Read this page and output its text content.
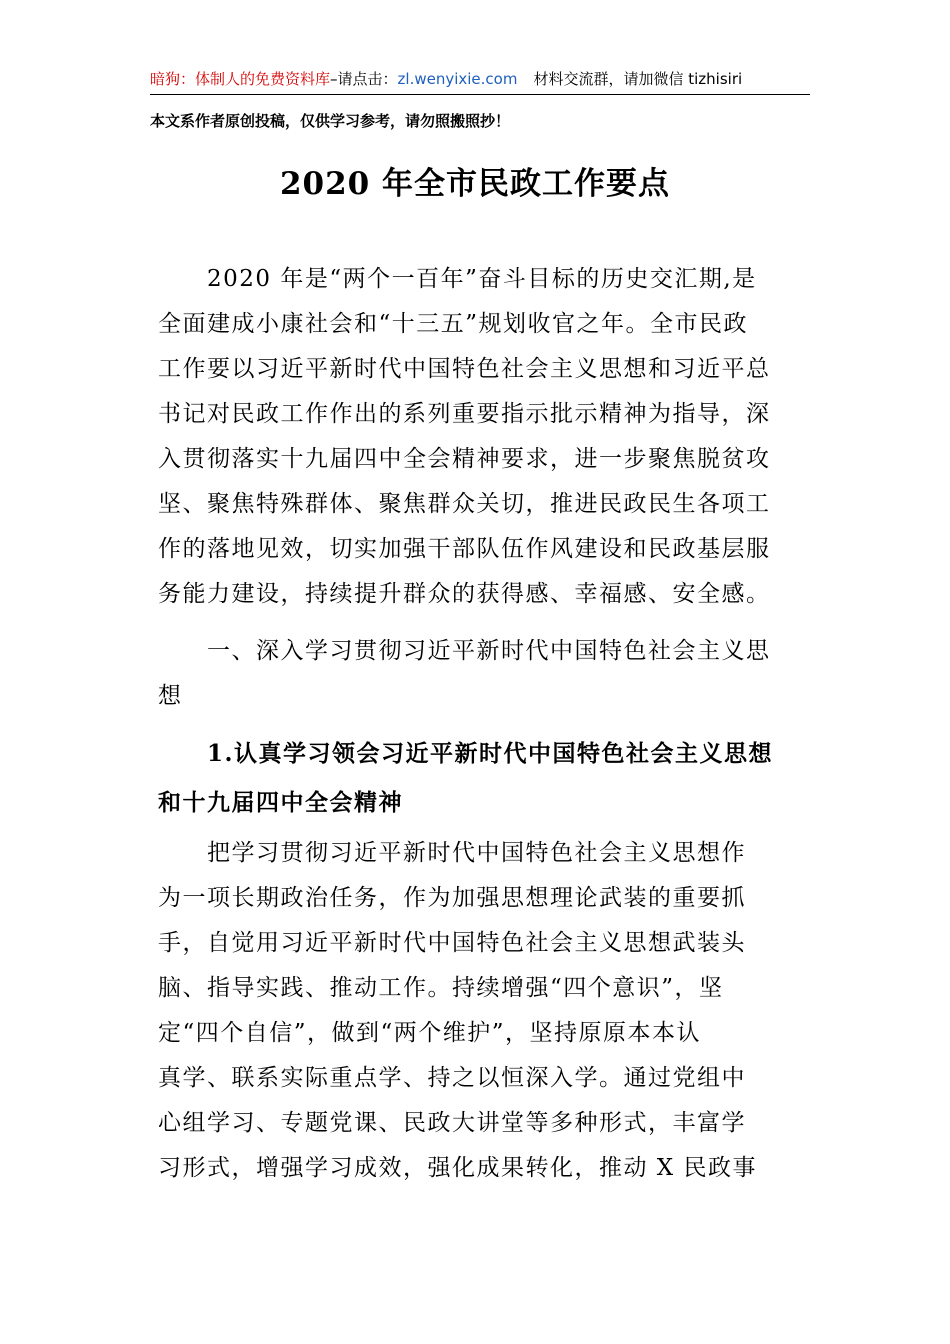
暗狗：体制人的免费资料库–请点击：zl.wenyixie.com 材料交流群，请加微信 tizhisiri
本文系作者原创投稿，仅供学习参考，请勿照搬照抄！
2020 年全市民政工作要点
2020 年是“两个一百年”奋斗目标的历史交汇期,是
全面建成小康社会和“十三五”规划收官之年。全市民政
工作要以习近平新时代中国特色社会主义思想和习近平总
书记对民政工作作出的系列重要指示批示精神为指导，深
入贯彻落实十九届四中全会精神要求，进一步聚焦脱贫攻
坚、聚焦特殊群体、聚焦群众关切，推进民政民生各项工
作的落地见效，切实加强干部队伍作风建设和民政基层服
务能力建设，持续提升群众的获得感、幸福感、安全感。
一、深入学习贯彻习近平新时代中国特色社会主义思
想
1.认真学习领会习近平新时代中国特色社会主义思想
和十九届四中全会精神
把学习贯彻习近平新时代中国特色社会主义思想作
为一项长期政治任务，作为加强思想理论武装的重要抓
手，自觉用习近平新时代中国特色社会主义思想武装头
脑、指导实践、推动工作。持续增强“四个意识”，坚
定“四个自信”，做到“两个维护”，坚持原原本本认
真学、联系实际重点学、持之以恒深入学。通过党组中
心组学习、专题党课、民政大讲堂等多种形式，丰富学
习形式，增强学习成效，强化成果转化，推动 X 民政事
